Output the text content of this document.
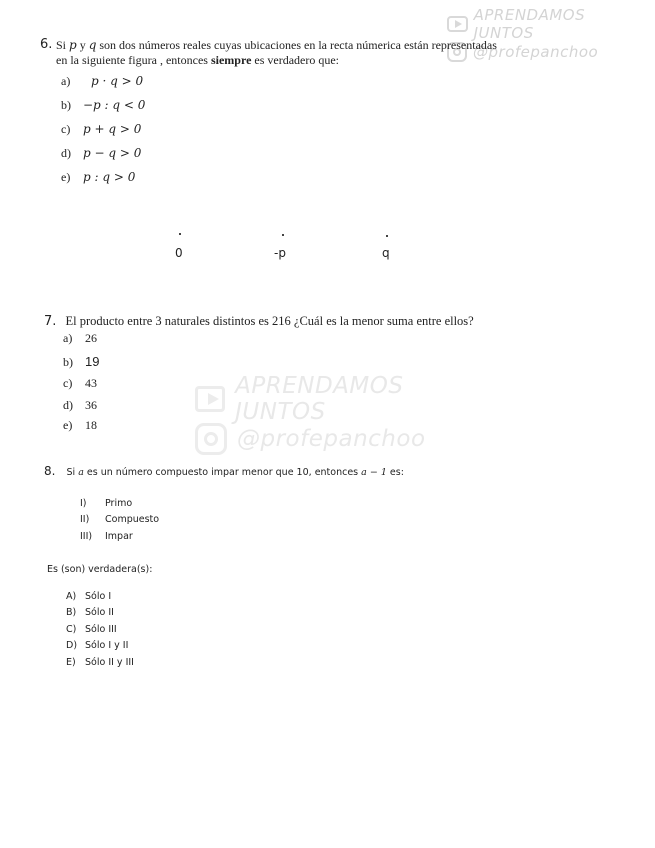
APRENDAMOS JUNTOS
@profepanchoo
APRENDAMOS JUNTOS
@profepanchoo
6. Si p y q son dos números reales cuyas ubicaciones en la recta númerica están representadas
en la siguiente figura , entonces siempre es verdadero que:
a) p · q > 0
b) −p : q < 0
c) p + q > 0
d) p − q > 0
e) p : q > 0
0	-p	q
7. El producto entre 3 naturales distintos es 216 ¿Cuál es la menor suma entre ellos?
a) 26
b) 19
c) 43
d) 36
e) 18
8. Si a es un número compuesto impar menor que 10, entonces a − 1 es:
I) Primo
II) Compuesto
III) Impar
Es (son) verdadera(s):
A) Sólo I
B) Sólo II
C) Sólo III
D) Sólo I y II
E) Sólo II y III
